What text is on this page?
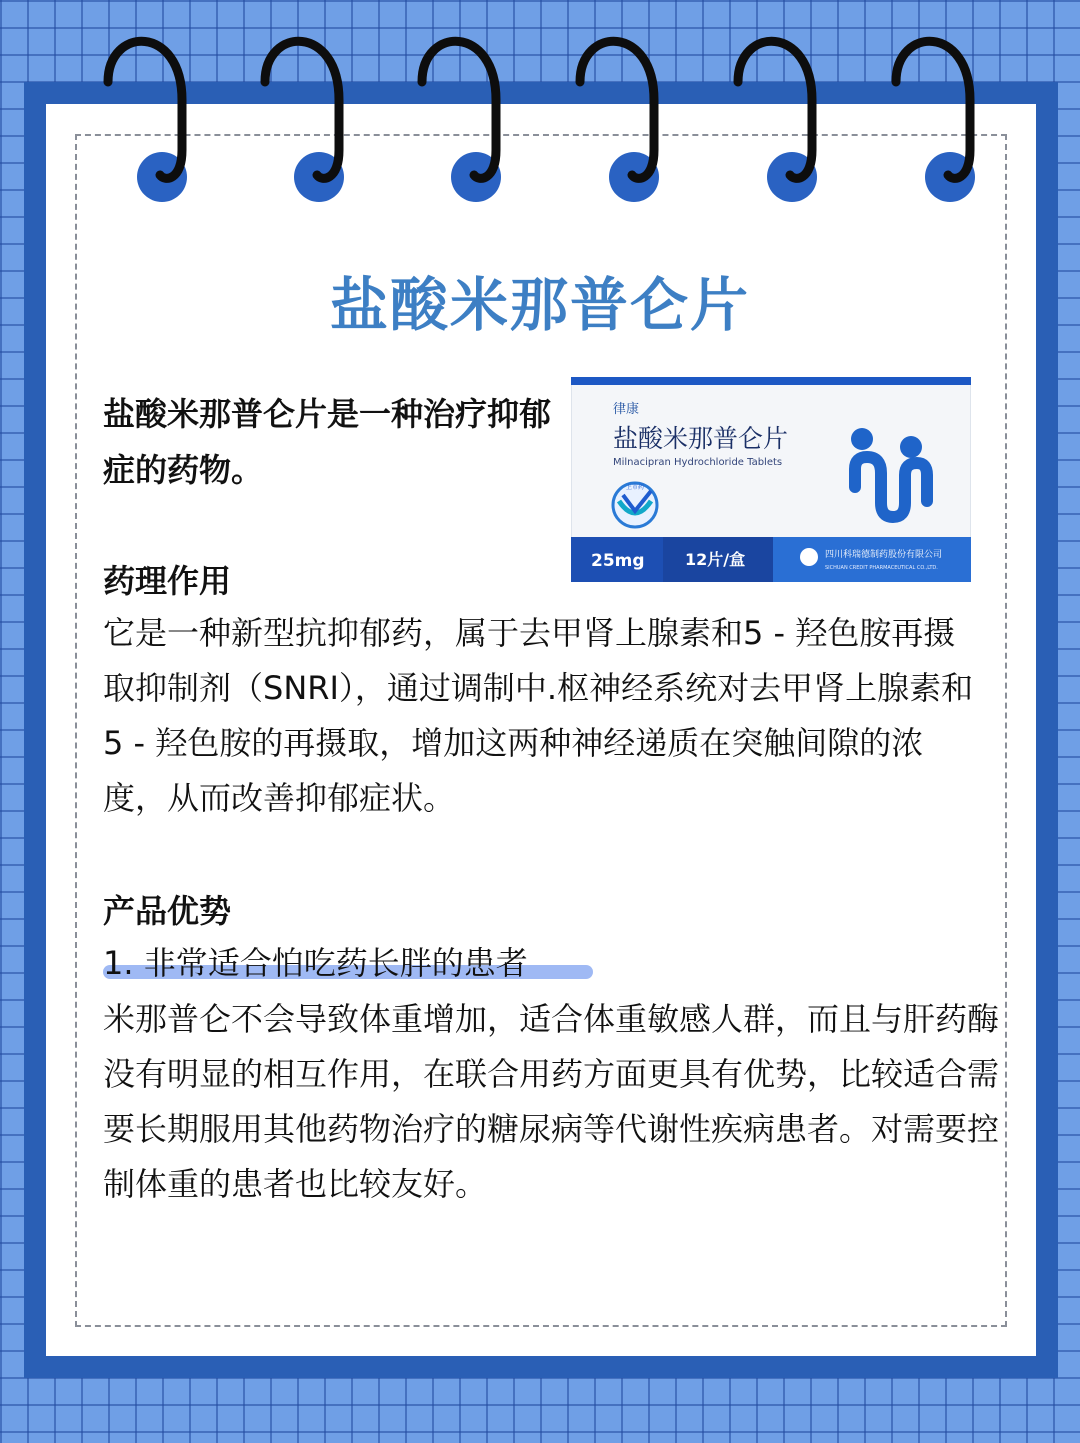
盐酸米那普仑片
盐酸米那普仑片是一种治疗抑郁症的药物。
律康
盐酸米那普仑片
Milnacipran Hydrochloride Tablets
上市药
25mg	12片/盒	四川科瑞德制药股份有限公司
SICHUAN CREDIT PHARMACEUTICAL CO.,LTD.
药理作用
它是一种新型抗抑郁药，属于去甲肾上腺素和5 - 羟色胺再摄取抑制剂（SNRI），通过调制中.枢神经系统对去甲肾上腺素和5 - 羟色胺的再摄取，增加这两种神经递质在突触间隙的浓度，从而改善抑郁症状。
产品优势
1. 非常适合怕吃药长胖的患者
米那普仑不会导致体重增加，适合体重敏感人群，而且与肝药酶没有明显的相互作用，在联合用药方面更具有优势，比较适合需要长期服用其他药物治疗的糖尿病等代谢性疾病患者。对需要控制体重的患者也比较友好。
